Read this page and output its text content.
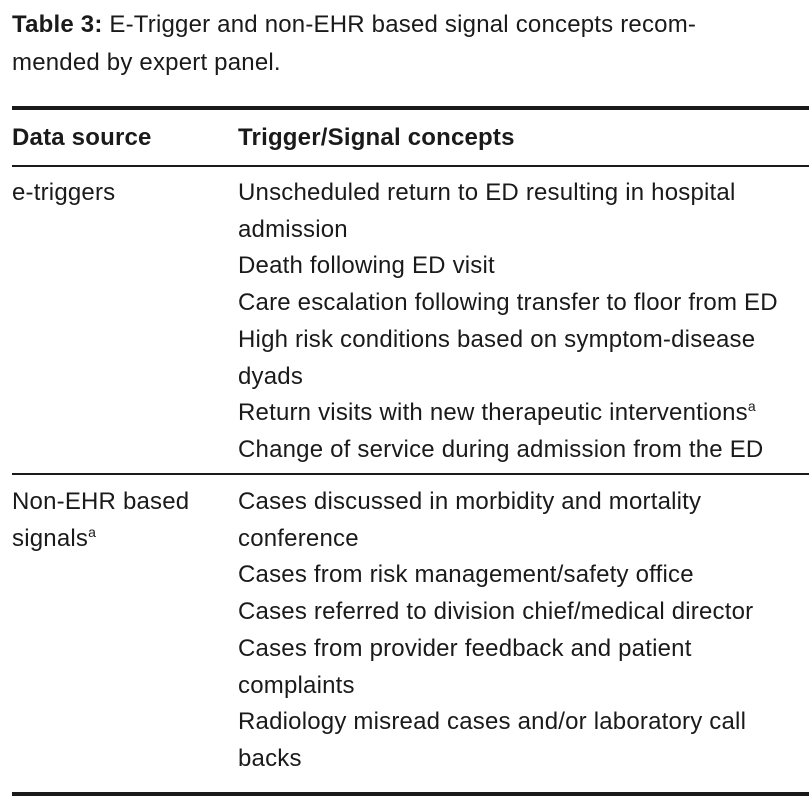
Table 3: E-Trigger and non-EHR based signal concepts recom-
mended by expert panel.
Data source	Trigger/Signal concepts
e-triggers	Unscheduled return to ED resulting in hospital
admission
Death following ED visit
Care escalation following transfer to floor from ED
High risk conditions based on symptom-disease
dyads
Return visits with new therapeutic interventions$^a$
Change of service during admission from the ED
Non-EHR based
signals$^a$
Cases discussed in morbidity and mortality
conference
Cases from risk management/safety office
Cases referred to division chief/medical director
Cases from provider feedback and patient
complaints
Radiology misread cases and/or laboratory call
backs
